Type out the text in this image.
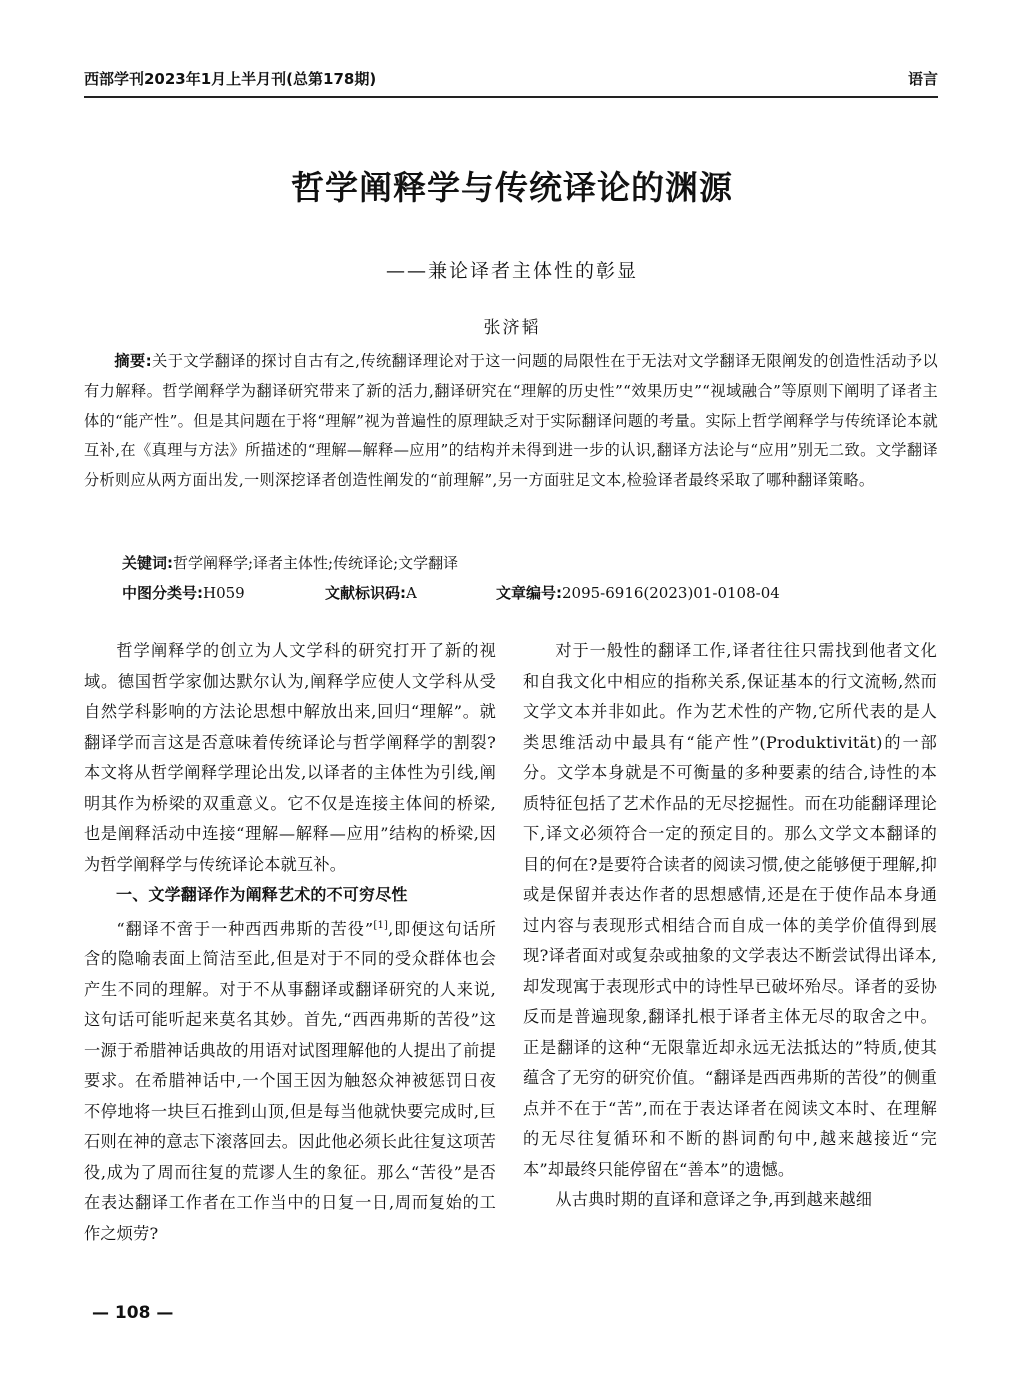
西部学刊2023年1月上半月刊(总第178期)	语言
哲学阐释学与传统译论的渊源
——兼论译者主体性的彰显
张济韬
摘要:关于文学翻译的探讨自古有之,传统翻译理论对于这一问题的局限性在于无法对文学翻译无限阐发的创造性活动予以有力解释。哲学阐释学为翻译研究带来了新的活力,翻译研究在“理解的历史性”“效果历史”“视域融合”等原则下阐明了译者主体的“能产性”。但是其问题在于将“理解”视为普遍性的原理缺乏对于实际翻译问题的考量。实际上哲学阐释学与传统译论本就互补,在《真理与方法》所描述的“理解—解释—应用”的结构并未得到进一步的认识,翻译方法论与“应用”别无二致。文学翻译分析则应从两方面出发,一则深挖译者创造性阐发的“前理解”,另一方面驻足文本,检验译者最终采取了哪种翻译策略。
关键词:哲学阐释学;译者主体性;传统译论;文学翻译
中图分类号:H059	文献标识码:A	文章编号:2095-6916(2023)01-0108-04

哲学阐释学的创立为人文学科的研究打开了新的视域。德国哲学家伽达默尔认为,阐释学应使人文学科从受自然学科影响的方法论思想中解放出来,回归“理解”。就翻译学而言这是否意味着传统译论与哲学阐释学的割裂?本文将从哲学阐释学理论出发,以译者的主体性为引线,阐明其作为桥梁的双重意义。它不仅是连接主体间的桥梁,也是阐释活动中连接“理解—解释—应用”结构的桥梁,因为哲学阐释学与传统译论本就互补。

一、文学翻译作为阐释艺术的不可穷尽性

“翻译不啻于一种西西弗斯的苦役”[1],即便这句话所含的隐喻表面上简洁至此,但是对于不同的受众群体也会产生不同的理解。对于不从事翻译或翻译研究的人来说,这句话可能听起来莫名其妙。首先,“西西弗斯的苦役”这一源于希腊神话典故的用语对试图理解他的人提出了前提要求。在希腊神话中,一个国王因为触怒众神被惩罚日夜不停地将一块巨石推到山顶,但是每当他就快要完成时,巨石则在神的意志下滚落回去。因此他必须长此往复这项苦役,成为了周而往复的荒谬人生的象征。那么“苦役”是否在表达翻译工作者在工作当中的日复一日,周而复始的工作之烦劳?

对于一般性的翻译工作,译者往往只需找到他者文化和自我文化中相应的指称关系,保证基本的行文流畅,然而文学文本并非如此。作为艺术性的产物,它所代表的是人类思维活动中最具有“能产性”(Produktivität)的一部分。文学本身就是不可衡量的多种要素的结合,诗性的本质特征包括了艺术作品的无尽挖掘性。而在功能翻译理论下,译文必须符合一定的预定目的。那么文学文本翻译的目的何在?是要符合读者的阅读习惯,使之能够便于理解,抑或是保留并表达作者的思想感情,还是在于使作品本身通过内容与表现形式相结合而自成一体的美学价值得到展现?译者面对或复杂或抽象的文学表达不断尝试得出译本,却发现寓于表现形式中的诗性早已破坏殆尽。译者的妥协反而是普遍现象,翻译扎根于译者主体无尽的取舍之中。正是翻译的这种“无限靠近却永远无法抵达的”特质,使其蕴含了无穷的研究价值。“翻译是西西弗斯的苦役”的侧重点并不在于“苦”,而在于表达译者在阅读文本时、在理解的无尽往复循环和不断的斟词酌句中,越来越接近“完本”却最终只能停留在“善本”的遗憾。

从古典时期的直译和意译之争,再到越来越细

— 108 —
